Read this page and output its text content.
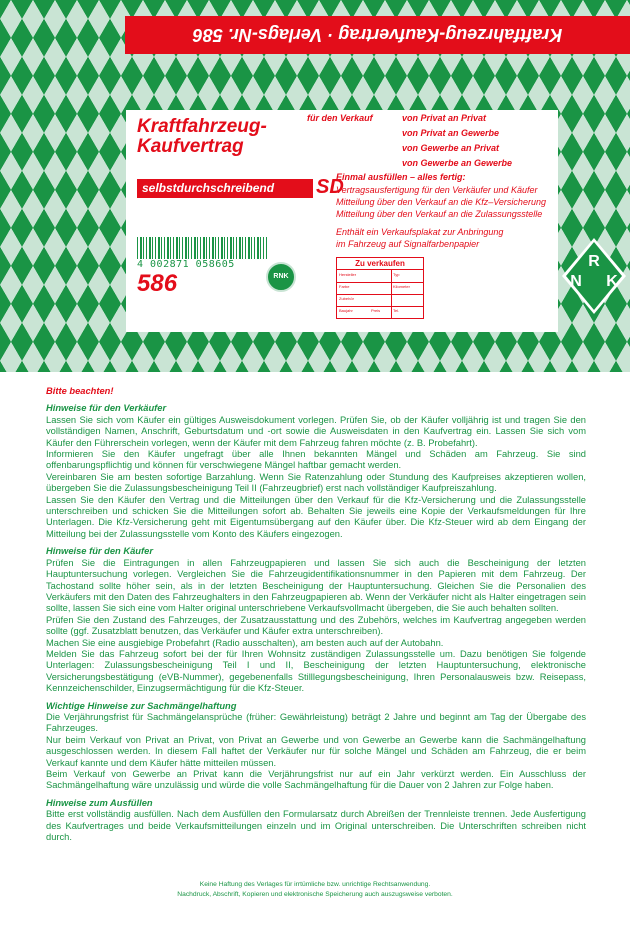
Kraftfahrzeug-Kaufvertrag · Verlags-Nr. 586
Kraftfahrzeug-
Kaufvertrag
selbstdurchschreibend	SD
4 002871 058605
586	RNK
für den Verkauf	von Privat an Privat
von Privat an Gewerbe
von Gewerbe an Privat
von Gewerbe an Gewerbe
Einmal ausfüllen – alles fertig:
Vertragsausfertigung für den Verkäufer und Käufer
Mitteilung über den Verkauf an die Kfz–Versicherung
Mitteilung über den Verkauf an die Zulassungsstelle
Enthält ein Verkaufsplakat zur Anbringung
im Fahrzeug auf Signalfarbenpapier
Zu verkaufen
Hersteller	Typ
Farbe	Kilometer
Zubehör
Baujahr	Preis	Tel.
R
N K
Bitte beachten!
Hinweise für den Verkäufer
Lassen Sie sich vom Käufer ein gültiges Ausweisdokument vorlegen. Prüfen Sie, ob der Käufer volljährig ist und tragen Sie den vollständigen Namen, Anschrift, Geburtsdatum und -ort sowie die Ausweisdaten in den Kaufvertrag ein. Lassen Sie sich vom Käufer den Führerschein vorlegen, wenn der Käufer mit dem Fahrzeug fahren möchte (z. B. Probefahrt).
Informieren Sie den Käufer ungefragt über alle Ihnen bekannten Mängel und Schäden am Fahrzeug. Sie sind offenbarungspflichtig und können für verschwiegene Mängel haftbar gemacht werden.
Vereinbaren Sie am besten sofortige Barzahlung. Wenn Sie Ratenzahlung oder Stundung des Kaufpreises akzeptieren wollen, übergeben Sie die Zulassungsbescheinigung Teil II (Fahrzeugbrief) erst nach vollständiger Kaufpreiszahlung.
Lassen Sie den Käufer den Vertrag und die Mitteilungen über den Verkauf für die Kfz-Versicherung und die Zulassungsstelle unterschreiben und schicken Sie die Mitteilungen sofort ab. Behalten Sie jeweils eine Kopie der Verkaufsmeldungen für Ihre Unterlagen. Die Kfz-Versicherung geht mit Eigentumsübergang auf den Käufer über. Die Kfz-Steuer wird ab dem Eingang der Mitteilung bei der Zulassungsstelle vom Konto des Käufers eingezogen.
Hinweise für den Käufer
Prüfen Sie die Eintragungen in allen Fahrzeugpapieren und lassen Sie sich auch die Bescheinigung der letzten Hauptuntersuchung vorlegen. Vergleichen Sie die Fahrzeugidentifikationsnummer in den Papieren mit dem Fahrzeug. Der Tachostand sollte höher sein, als in der letzten Bescheinigung der Hauptuntersuchung. Gleichen Sie die Personalien des Verkäufers mit den Daten des Fahrzeughalters in den Fahrzeugpapieren ab. Wenn der Verkäufer nicht als Halter eingetragen sein sollte, lassen Sie sich eine vom Halter original unterschriebene Verkaufsvollmacht übergeben, die Sie auch behalten sollten.
Prüfen Sie den Zustand des Fahrzeuges, der Zusatzausstattung und des Zubehörs, welches im Kaufvertrag angegeben werden sollte (ggf. Zusatzblatt benutzen, das Verkäufer und Käufer extra unterschreiben).
Machen Sie eine ausgiebige Probefahrt (Radio ausschalten), am besten auch auf der Autobahn.
Melden Sie das Fahrzeug sofort bei der für Ihren Wohnsitz zuständigen Zulassungsstelle um. Dazu benötigen Sie folgende Unterlagen: Zulassungsbescheinigung Teil I und II, Bescheinigung der letzten Hauptuntersuchung, elektronische Versicherungsbestätigung (eVB-Nummer), gegebenenfalls Stilllegungsbescheinigung, Ihren Personalausweis bzw. Reisepass, Kennzeichenschilder, Einzugsermächtigung für die Kfz-Steuer.
Wichtige Hinweise zur Sachmängelhaftung
Die Verjährungsfrist für Sachmängelansprüche (früher: Gewährleistung) beträgt 2 Jahre und beginnt am Tag der Übergabe des Fahrzeuges.
Nur beim Verkauf von Privat an Privat, von Privat an Gewerbe und von Gewerbe an Gewerbe kann die Sachmängelhaftung ausgeschlossen werden. In diesem Fall haftet der Verkäufer nur für solche Mängel und Schäden am Fahrzeug, die er beim Verkauf kannte und dem Käufer hätte mitteilen müssen.
Beim Verkauf von Gewerbe an Privat kann die Verjährungsfrist nur auf ein Jahr verkürzt werden. Ein Ausschluss der Sachmängelhaftung wäre unzulässig und würde die volle Sachmängelhaftung für die Dauer von 2 Jahren zur Folge haben.
Hinweise zum Ausfüllen
Bitte erst vollständig ausfüllen. Nach dem Ausfüllen den Formularsatz durch Abreißen der Trennleiste trennen. Jede Ausfertigung des Kaufvertrages und beide Verkaufsmitteilungen einzeln und im Original unterschreiben. Die Unterschriften schreiben nicht durch.
Keine Haftung des Verlages für irrtümliche bzw. unrichtige Rechtsanwendung.
Nachdruck, Abschrift, Kopieren und elektronische Speicherung auch auszugsweise verboten.
